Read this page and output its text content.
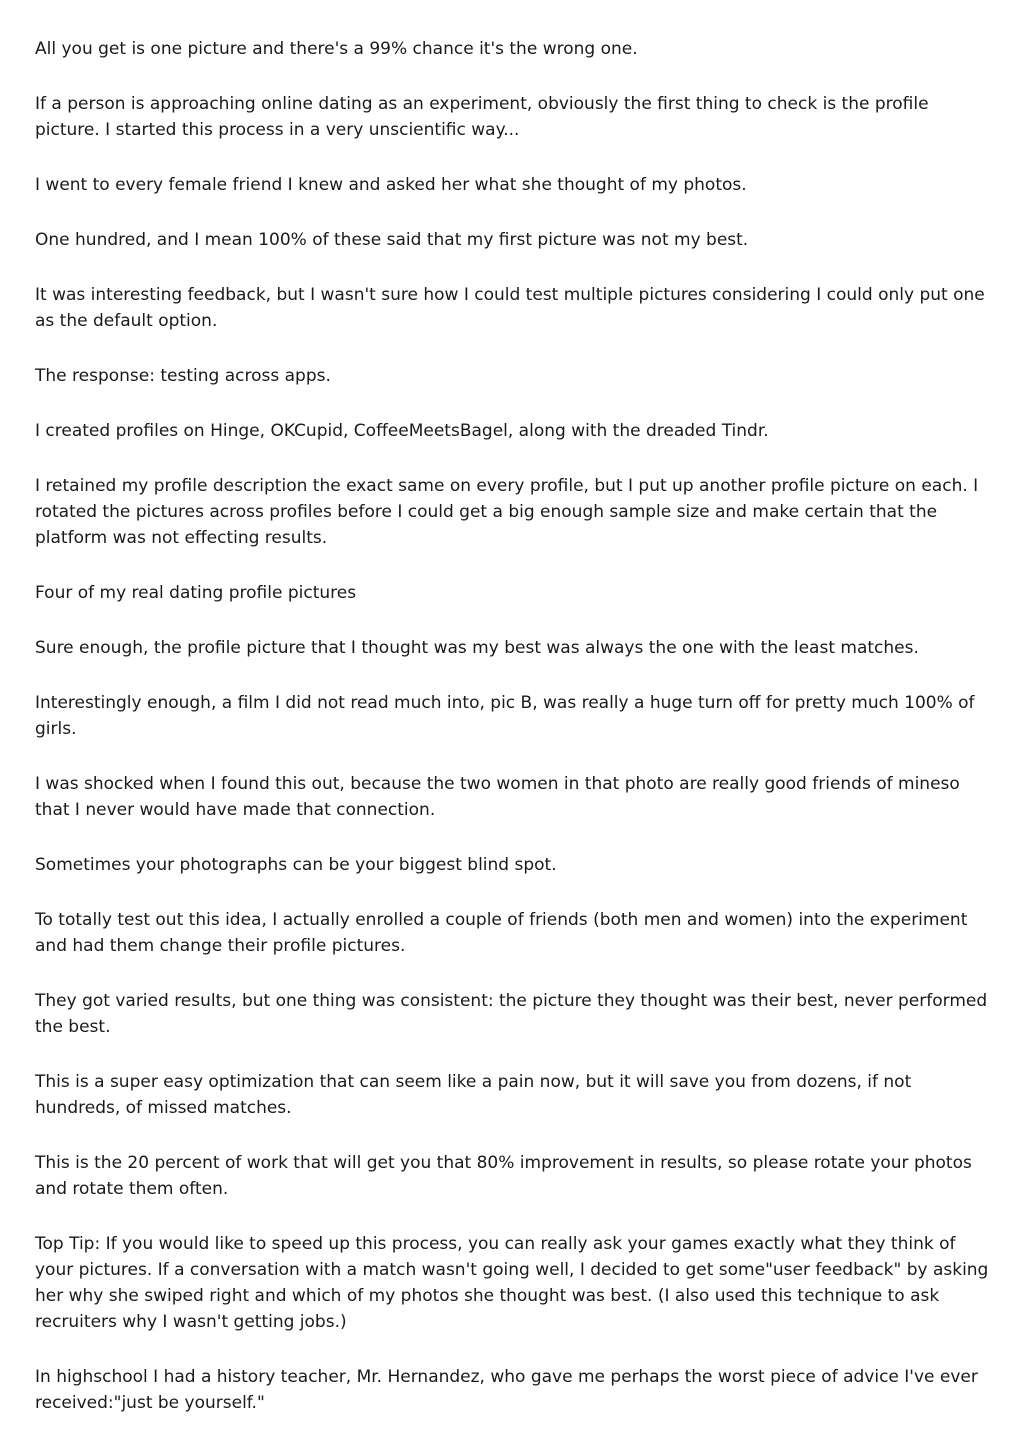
All you get is one picture and there's a 99% chance it's the wrong one.

If a person is approaching online dating as an experiment, obviously the first thing to check is the profile picture. I started this process in a very unscientific way...

I went to every female friend I knew and asked her what she thought of my photos.

One hundred, and I mean 100% of these said that my first picture was not my best.

It was interesting feedback, but I wasn't sure how I could test multiple pictures considering I could only put one as the default option.

The response: testing across apps.

I created profiles on Hinge, OKCupid, CoffeeMeetsBagel, along with the dreaded Tindr.

I retained my profile description the exact same on every profile, but I put up another profile picture on each. I rotated the pictures across profiles before I could get a big enough sample size and make certain that the platform was not effecting results.

Four of my real dating profile pictures

Sure enough, the profile picture that I thought was my best was always the one with the least matches.

Interestingly enough, a film I did not read much into, pic B, was really a huge turn off for pretty much 100% of girls.

I was shocked when I found this out, because the two women in that photo are really good friends of mineso that I never would have made that connection.

Sometimes your photographs can be your biggest blind spot.

To totally test out this idea, I actually enrolled a couple of friends (both men and women) into the experiment and had them change their profile pictures.

They got varied results, but one thing was consistent: the picture they thought was their best, never performed the best.

This is a super easy optimization that can seem like a pain now, but it will save you from dozens, if not hundreds, of missed matches.

This is the 20 percent of work that will get you that 80% improvement in results, so please rotate your photos and rotate them often.

Top Tip: If you would like to speed up this process, you can really ask your games exactly what they think of your pictures. If a conversation with a match wasn't going well, I decided to get some"user feedback" by asking her why she swiped right and which of my photos she thought was best. (I also used this technique to ask recruiters why I wasn't getting jobs.)

In highschool I had a history teacher, Mr. Hernandez, who gave me perhaps the worst piece of advice I've ever received:"just be yourself."
